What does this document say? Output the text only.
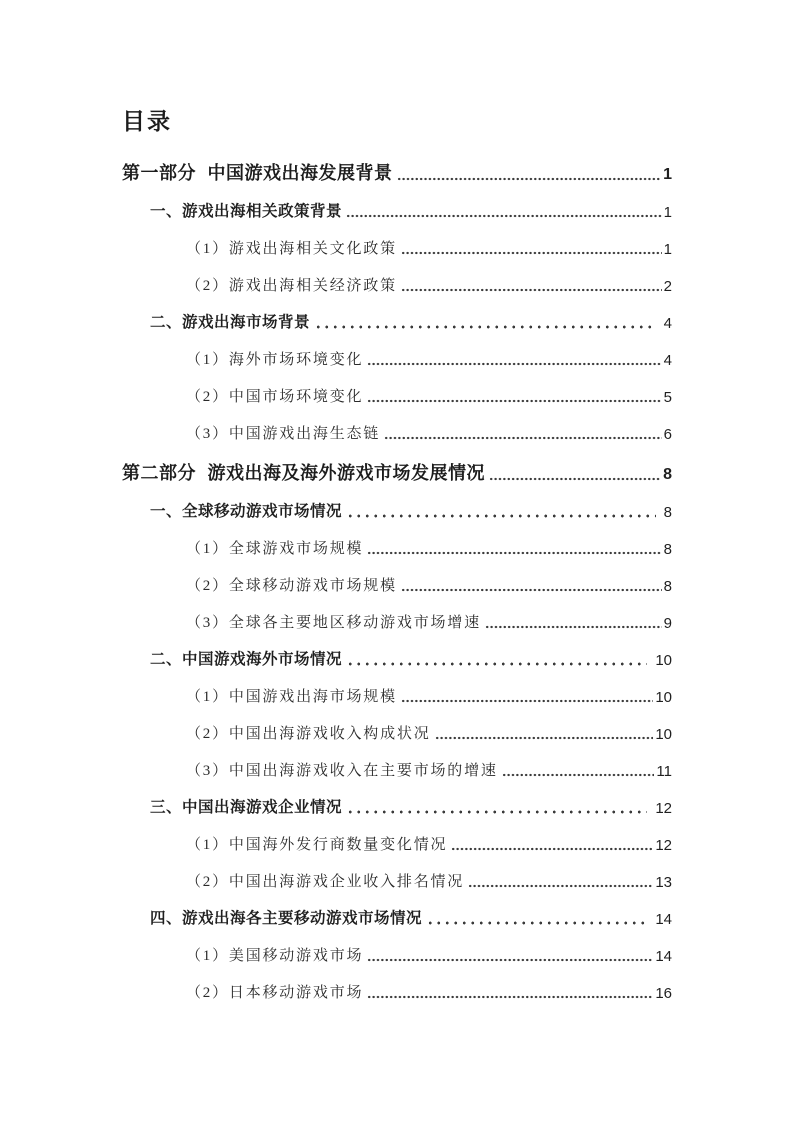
目录
第一部分 中国游戏出海发展背景	1
一、游戏出海相关政策背景	1
（1）游戏出海相关文化政策	1
（2）游戏出海相关经济政策	2
二、游戏出海市场背景	4
（1）海外市场环境变化	4
（2）中国市场环境变化	5
（3）中国游戏出海生态链	6
第二部分 游戏出海及海外游戏市场发展情况	8
一、全球移动游戏市场情况	8
（1）全球游戏市场规模	8
（2）全球移动游戏市场规模	8
（3）全球各主要地区移动游戏市场增速	9
二、中国游戏海外市场情况	10
（1）中国游戏出海市场规模	10
（2）中国出海游戏收入构成状况	10
（3）中国出海游戏收入在主要市场的增速	11
三、中国出海游戏企业情况	12
（1）中国海外发行商数量变化情况	12
（2）中国出海游戏企业收入排名情况	13
四、游戏出海各主要移动游戏市场情况	14
（1）美国移动游戏市场	14
（2）日本移动游戏市场	16
